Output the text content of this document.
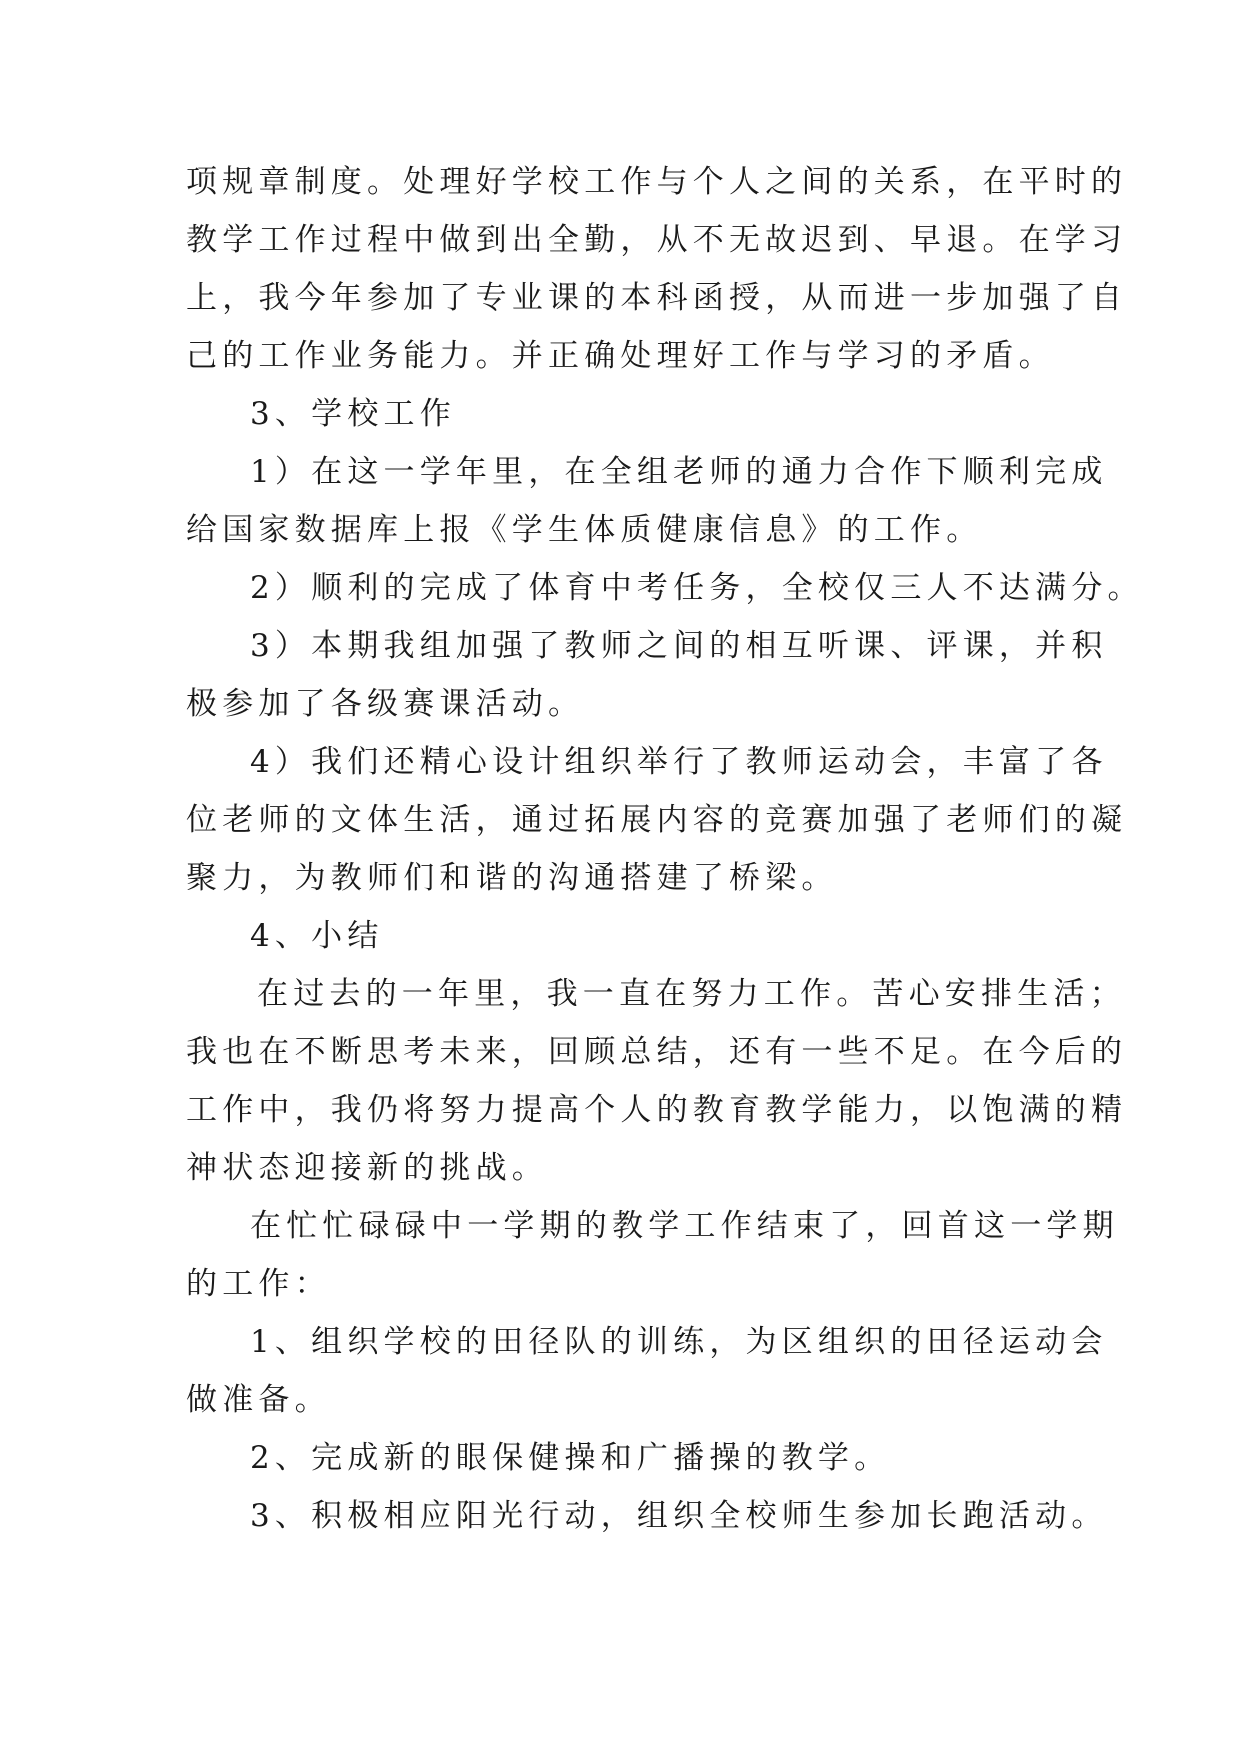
项规章制度。处理好学校工作与个人之间的关系，在平时的
教学工作过程中做到出全勤，从不无故迟到、早退。在学习
上，我今年参加了专业课的本科函授，从而进一步加强了自
己的工作业务能力。并正确处理好工作与学习的矛盾。
3、学校工作
1）在这一学年里，在全组老师的通力合作下顺利完成
给国家数据库上报《学生体质健康信息》的工作。
2）顺利的完成了体育中考任务，全校仅三人不达满分。
3）本期我组加强了教师之间的相互听课、评课，并积
极参加了各级赛课活动。
4）我们还精心设计组织举行了教师运动会，丰富了各
位老师的文体生活，通过拓展内容的竞赛加强了老师们的凝
聚力，为教师们和谐的沟通搭建了桥梁。
4、小结
在过去的一年里，我一直在努力工作。苦心安排生活；
我也在不断思考未来，回顾总结，还有一些不足。在今后的
工作中，我仍将努力提高个人的教育教学能力，以饱满的精
神状态迎接新的挑战。
在忙忙碌碌中一学期的教学工作结束了，回首这一学期
的工作：
1、组织学校的田径队的训练，为区组织的田径运动会
做准备。
2、完成新的眼保健操和广播操的教学。
3、积极相应阳光行动，组织全校师生参加长跑活动。
